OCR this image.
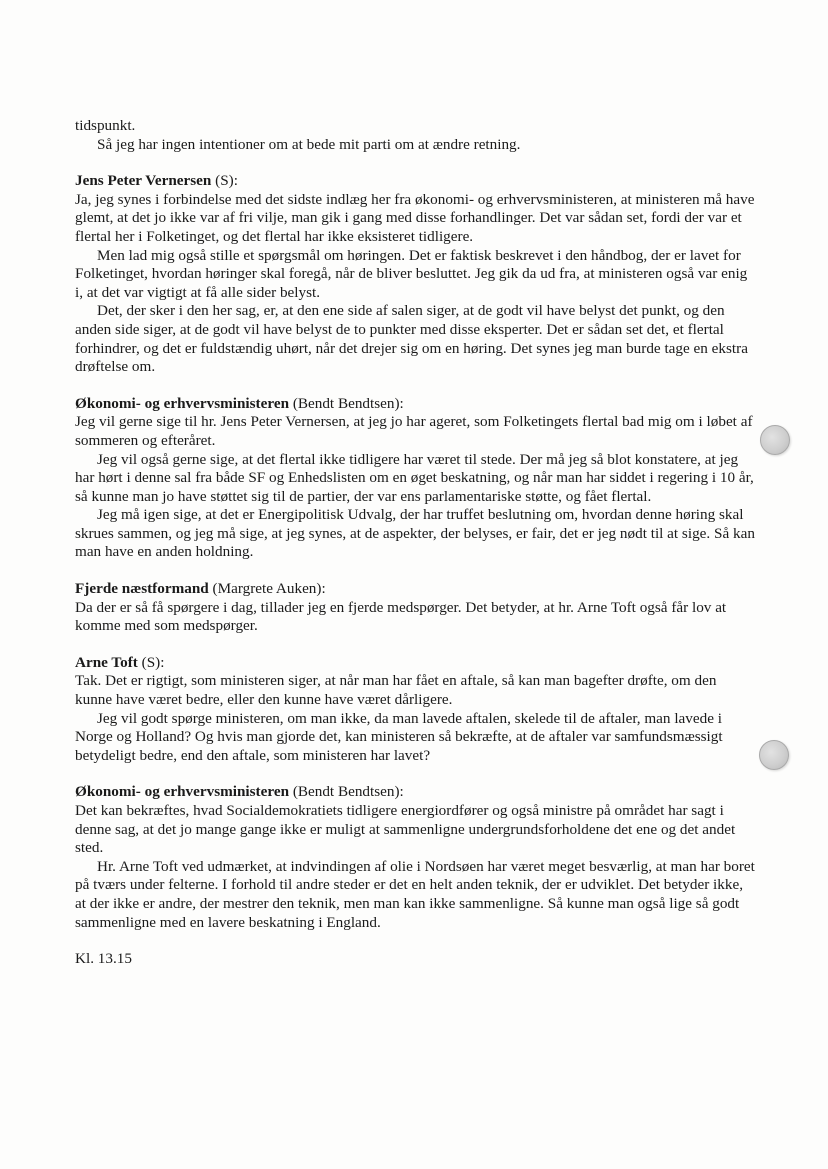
tidspunkt.

Så jeg har ingen intentioner om at bede mit parti om at ændre retning.

Jens Peter Vernersen (S):

Ja, jeg synes i forbindelse med det sidste indlæg her fra økonomi- og erhvervsministeren, at ministeren må have glemt, at det jo ikke var af fri vilje, man gik i gang med disse forhandlinger. Det var sådan set, fordi der var et flertal her i Folketinget, og det flertal har ikke eksisteret tidligere.

Men lad mig også stille et spørgsmål om høringen. Det er faktisk beskrevet i den håndbog, der er lavet for Folketinget, hvordan høringer skal foregå, når de bliver besluttet. Jeg gik da ud fra, at ministeren også var enig i, at det var vigtigt at få alle sider belyst.

Det, der sker i den her sag, er, at den ene side af salen siger, at de godt vil have belyst det punkt, og den anden side siger, at de godt vil have belyst de to punkter med disse eksperter. Det er sådan set det, et flertal forhindrer, og det er fuldstændig uhørt, når det drejer sig om en høring. Det synes jeg man burde tage en ekstra drøftelse om.

Økonomi- og erhvervsministeren (Bendt Bendtsen):

Jeg vil gerne sige til hr. Jens Peter Vernersen, at jeg jo har ageret, som Folketingets flertal bad mig om i løbet af sommeren og efteråret.

Jeg vil også gerne sige, at det flertal ikke tidligere har været til stede. Der må jeg så blot konstatere, at jeg har hørt i denne sal fra både SF og Enhedslisten om en øget beskatning, og når man har siddet i regering i 10 år, så kunne man jo have støttet sig til de partier, der var ens parlamentariske støtte, og fået flertal.

Jeg må igen sige, at det er Energipolitisk Udvalg, der har truffet beslutning om, hvordan denne høring skal skrues sammen, og jeg må sige, at jeg synes, at de aspekter, der belyses, er fair, det er jeg nødt til at sige. Så kan man have en anden holdning.

Fjerde næstformand (Margrete Auken):

Da der er så få spørgere i dag, tillader jeg en fjerde medspørger. Det betyder, at hr. Arne Toft også får lov at komme med som medspørger.

Arne Toft (S):

Tak. Det er rigtigt, som ministeren siger, at når man har fået en aftale, så kan man bagefter drøfte, om den kunne have været bedre, eller den kunne have været dårligere.

Jeg vil godt spørge ministeren, om man ikke, da man lavede aftalen, skelede til de aftaler, man lavede i Norge og Holland? Og hvis man gjorde det, kan ministeren så bekræfte, at de aftaler var samfundsmæssigt betydeligt bedre, end den aftale, som ministeren har lavet?

Økonomi- og erhvervsministeren (Bendt Bendtsen):

Det kan bekræftes, hvad Socialdemokratiets tidligere energiordfører og også ministre på området har sagt i denne sag, at det jo mange gange ikke er muligt at sammenligne undergrundsforholdene det ene og det andet sted.

Hr. Arne Toft ved udmærket, at indvindingen af olie i Nordsøen har været meget besværlig, at man har boret på tværs under felterne. I forhold til andre steder er det en helt anden teknik, der er udviklet. Det betyder ikke, at der ikke er andre, der mestrer den teknik, men man kan ikke sammenligne. Så kunne man også lige så godt sammenligne med en lavere beskatning i England.

Kl. 13.15
